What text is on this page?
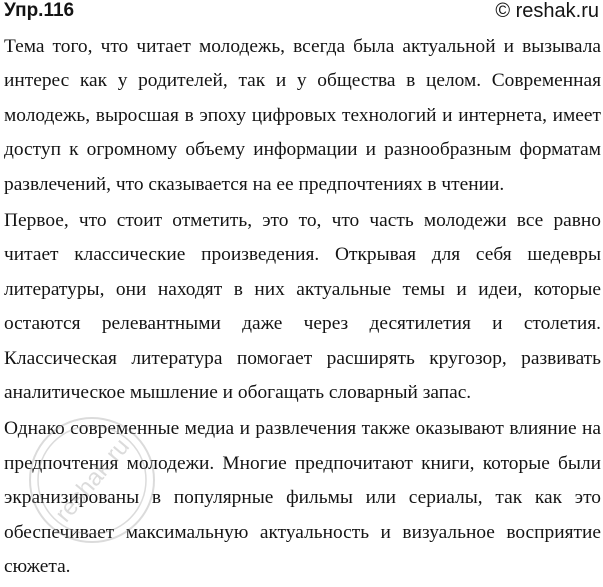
Упр.116	© reshak.ru

Тема того, что читает молодежь, всегда была актуальной и вызывала интерес как у родителей, так и у общества в целом. Современная молодежь, выросшая в эпоху цифровых технологий и интернета, имеет доступ к огромному объему информации и разнообразным форматам развлечений, что сказывается на ее предпочтениях в чтении.

Первое, что стоит отметить, это то, что часть молодежи все равно читает классические произведения. Открывая для себя шедевры литературы, они находят в них актуальные темы и идеи, которые остаются релевантными даже через десятилетия и столетия. Классическая литература помогает расширять кругозор, развивать аналитическое мышление и обогащать словарный запас.

Однако современные медиа и развлечения также оказывают влияние на предпочтения молодежи. Многие предпочитают книги, которые были экранизированы в популярные фильмы или сериалы, так как это обеспечивает максимальную актуальность и визуальное восприятие сюжета.

reshak.ru
